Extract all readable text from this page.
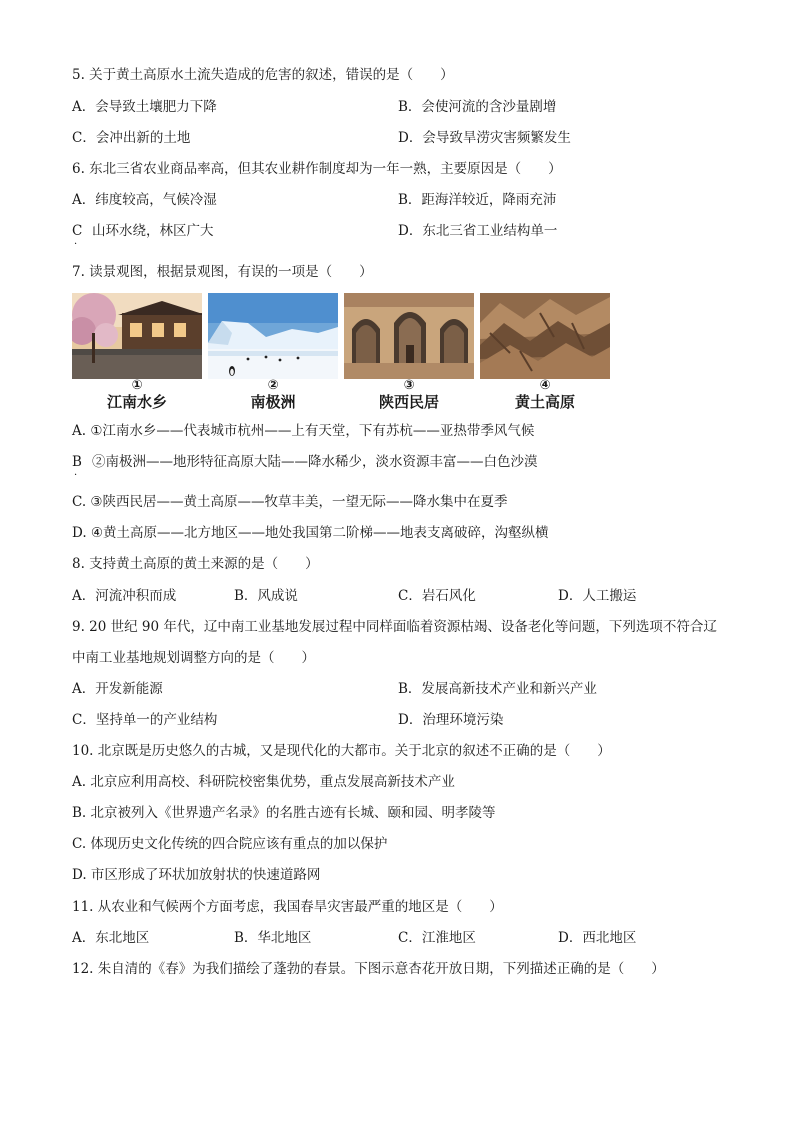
5. 关于黄土高原水土流失造成的危害的叙述，错误的是（　　）
A．会导致土壤肥力下降	B．会使河流的含沙量剧增
C．会冲出新的土地	D．会导致旱涝灾害频繁发生
6. 东北三省农业商品率高，但其农业耕作制度却为一年一熟，主要原因是（　　）
A．纬度较高，气候冷湿	B．距海洋较近，降雨充沛
C
·
山环水绕，林区广大	D．东北三省工业结构单一
7. 读景观图，根据景观图，有误的一项是（　　）
①
江南水乡
②
南极洲
③
陕西民居
④
黄土高原
A. ①江南水乡——代表城市杭州——上有天堂，下有苏杭——亚热带季风气候
B
·
②南极洲——地形特征高原大陆——降水稀少，淡水资源丰富——白色沙漠
C. ③陕西民居——黄土高原——牧草丰美，一望无际——降水集中在夏季
D. ④黄土高原——北方地区——地处我国第二阶梯——地表支离破碎，沟壑纵横
8. 支持黄土高原的黄土来源的是（　　）
A．河流冲积而成	B．风成说	C．岩石风化	D．人工搬运
9. 20 世纪 90 年代，辽中南工业基地发展过程中同样面临着资源枯竭、设备老化等问题，下列选项不符合辽
中南工业基地规划调整方向的是（　　）
A．开发新能源	B．发展高新技术产业和新兴产业
C．坚持单一的产业结构	D．治理环境污染
10. 北京既是历史悠久的古城，又是现代化的大都市。关于北京的叙述不正确的是（　　）
A. 北京应利用高校、科研院校密集优势，重点发展高新技术产业
B. 北京被列入《世界遗产名录》的名胜古迹有长城、颐和园、明孝陵等
C. 体现历史文化传统的四合院应该有重点的加以保护
D. 市区形成了环状加放射状的快速道路网
11. 从农业和气候两个方面考虑，我国春旱灾害最严重的地区是（　　）
A．东北地区	B．华北地区	C．江淮地区	D．西北地区
12. 朱自清的《春》为我们描绘了蓬勃的春景。下图示意杏花开放日期，下列描述正确的是（　　）
